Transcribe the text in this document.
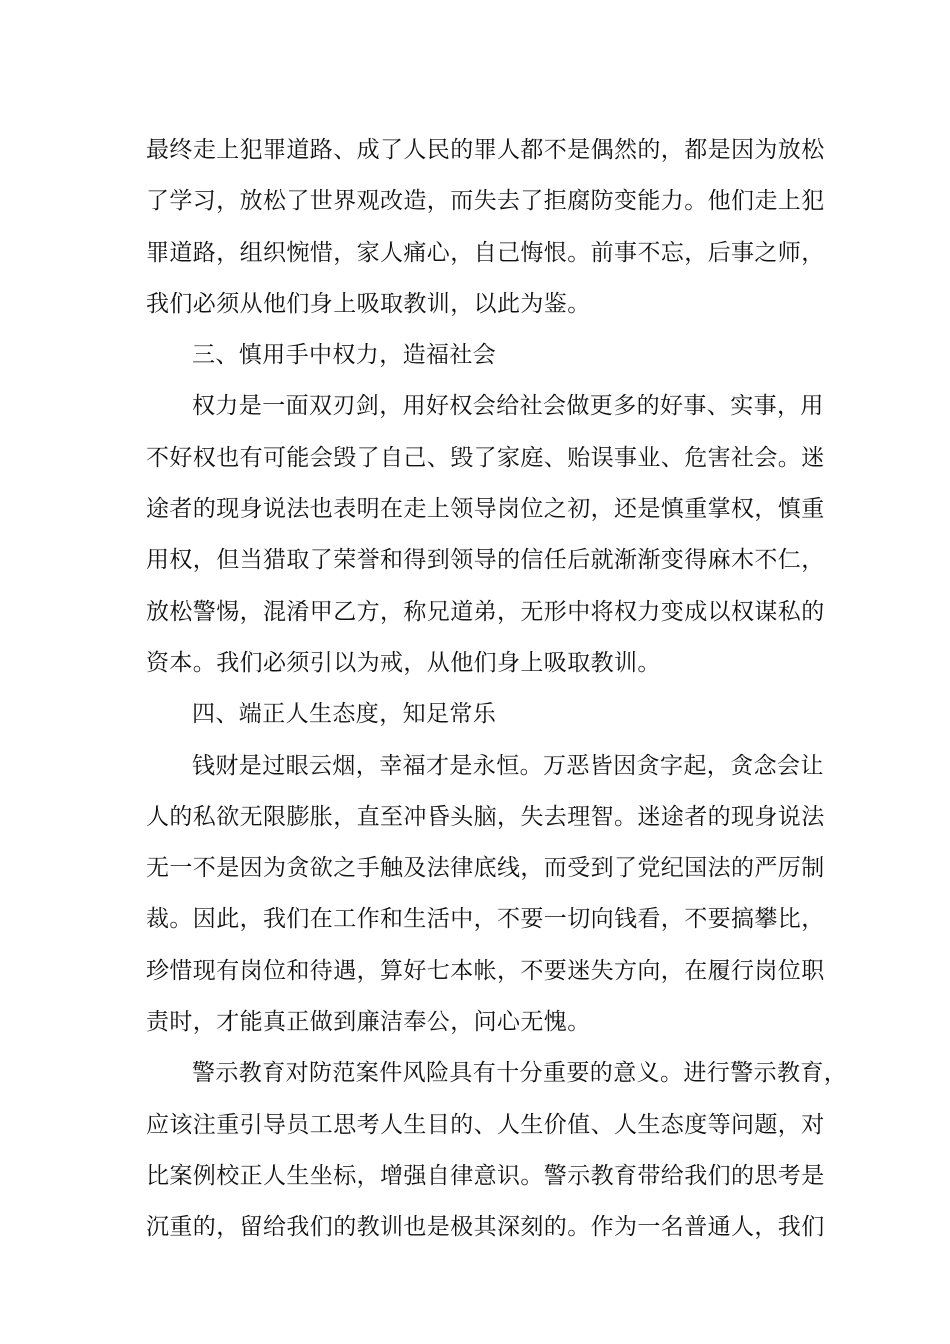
最终走上犯罪道路、成了人民的罪人都不是偶然的，都是因为放松
了学习，放松了世界观改造，而失去了拒腐防变能力。他们走上犯
罪道路，组织惋惜，家人痛心，自己悔恨。前事不忘，后事之师，
我们必须从他们身上吸取教训，以此为鉴。
三、慎用手中权力，造福社会
权力是一面双刃剑，用好权会给社会做更多的好事、实事，用
不好权也有可能会毁了自己、毁了家庭、贻误事业、危害社会。迷
途者的现身说法也表明在走上领导岗位之初，还是慎重掌权，慎重
用权，但当猎取了荣誉和得到领导的信任后就渐渐变得麻木不仁，
放松警惕，混淆甲乙方，称兄道弟，无形中将权力变成以权谋私的
资本。我们必须引以为戒，从他们身上吸取教训。
四、端正人生态度，知足常乐
钱财是过眼云烟，幸福才是永恒。万恶皆因贪字起，贪念会让
人的私欲无限膨胀，直至冲昏头脑，失去理智。迷途者的现身说法
无一不是因为贪欲之手触及法律底线，而受到了党纪国法的严厉制
裁。因此，我们在工作和生活中，不要一切向钱看，不要搞攀比，
珍惜现有岗位和待遇，算好七本帐，不要迷失方向，在履行岗位职
责时，才能真正做到廉洁奉公，问心无愧。
警示教育对防范案件风险具有十分重要的意义。进行警示教育，
应该注重引导员工思考人生目的、人生价值、人生态度等问题，对
比案例校正人生坐标，增强自律意识。警示教育带给我们的思考是
沉重的，留给我们的教训也是极其深刻的。作为一名普通人，我们
